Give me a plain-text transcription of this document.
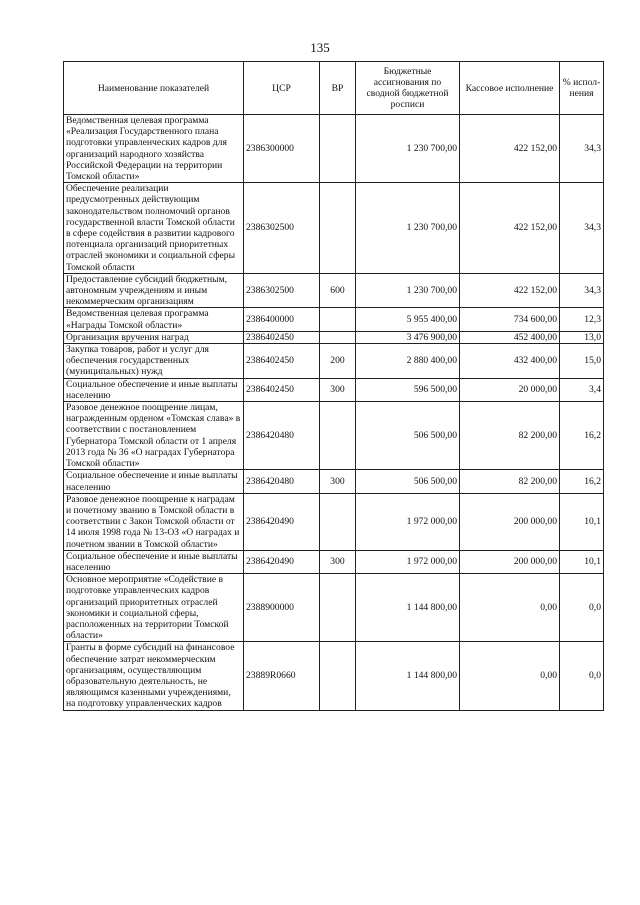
135
Наименование показателей	ЦСР	ВР	Бюджетные ассигнования по сводной бюджетной росписи	Кассовое исполнение	% испол-нения
Ведомственная целевая программа «Реализация Государственного плана подготовки управленческих кадров для организаций народного хозяйства Российской Федерации на территории Томской области»	2386300000		1 230 700,00	422 152,00	34,3
Обеспечение реализации предусмотренных действующим законодательством полномочий органов государственной власти Томской области в сфере содействия в развитии кадрового потенциала организаций приоритетных отраслей экономики и социальной сферы Томской области	2386302500		1 230 700,00	422 152,00	34,3
Предоставление субсидий бюджетным, автономным учреждениям и иным некоммерческим организациям	2386302500	600	1 230 700,00	422 152,00	34,3
Ведомственная целевая программа «Награды Томской области»	2386400000		5 955 400,00	734 600,00	12,3
Организация вручения наград	2386402450		3 476 900,00	452 400,00	13,0
Закупка товаров, работ и услуг для обеспечения государственных (муниципальных) нужд	2386402450	200	2 880 400,00	432 400,00	15,0
Социальное обеспечение и иные выплаты населению	2386402450	300	596 500,00	20 000,00	3,4
Разовое денежное поощрение лицам, награжденным орденом «Томская слава» в соответствии с постановлением Губернатора Томской области от 1 апреля 2013 года № 36 «О наградах Губернатора Томской области»	2386420480		506 500,00	82 200,00	16,2
Социальное обеспечение и иные выплаты населению	2386420480	300	506 500,00	82 200,00	16,2
Разовое денежное поощрение к наградам и почетному званию в Томской области в соответствии с Закон Томской области от 14 июля 1998 года № 13-ОЗ «О наградах и почетном звании в Томской области»	2386420490		1 972 000,00	200 000,00	10,1
Социальное обеспечение и иные выплаты населению	2386420490	300	1 972 000,00	200 000,00	10,1
Основное мероприятие «Содействие в подготовке управленческих кадров организаций приоритетных отраслей экономики и социальной сферы, расположенных на территории Томской области»	2388900000		1 144 800,00	0,00	0,0
Гранты в форме субсидий на финансовое обеспечение затрат некоммерческим организациям, осуществляющим образовательную деятельность, не являющимся казенными учреждениями, на подготовку управленческих кадров	23889R0660		1 144 800,00	0,00	0,0
